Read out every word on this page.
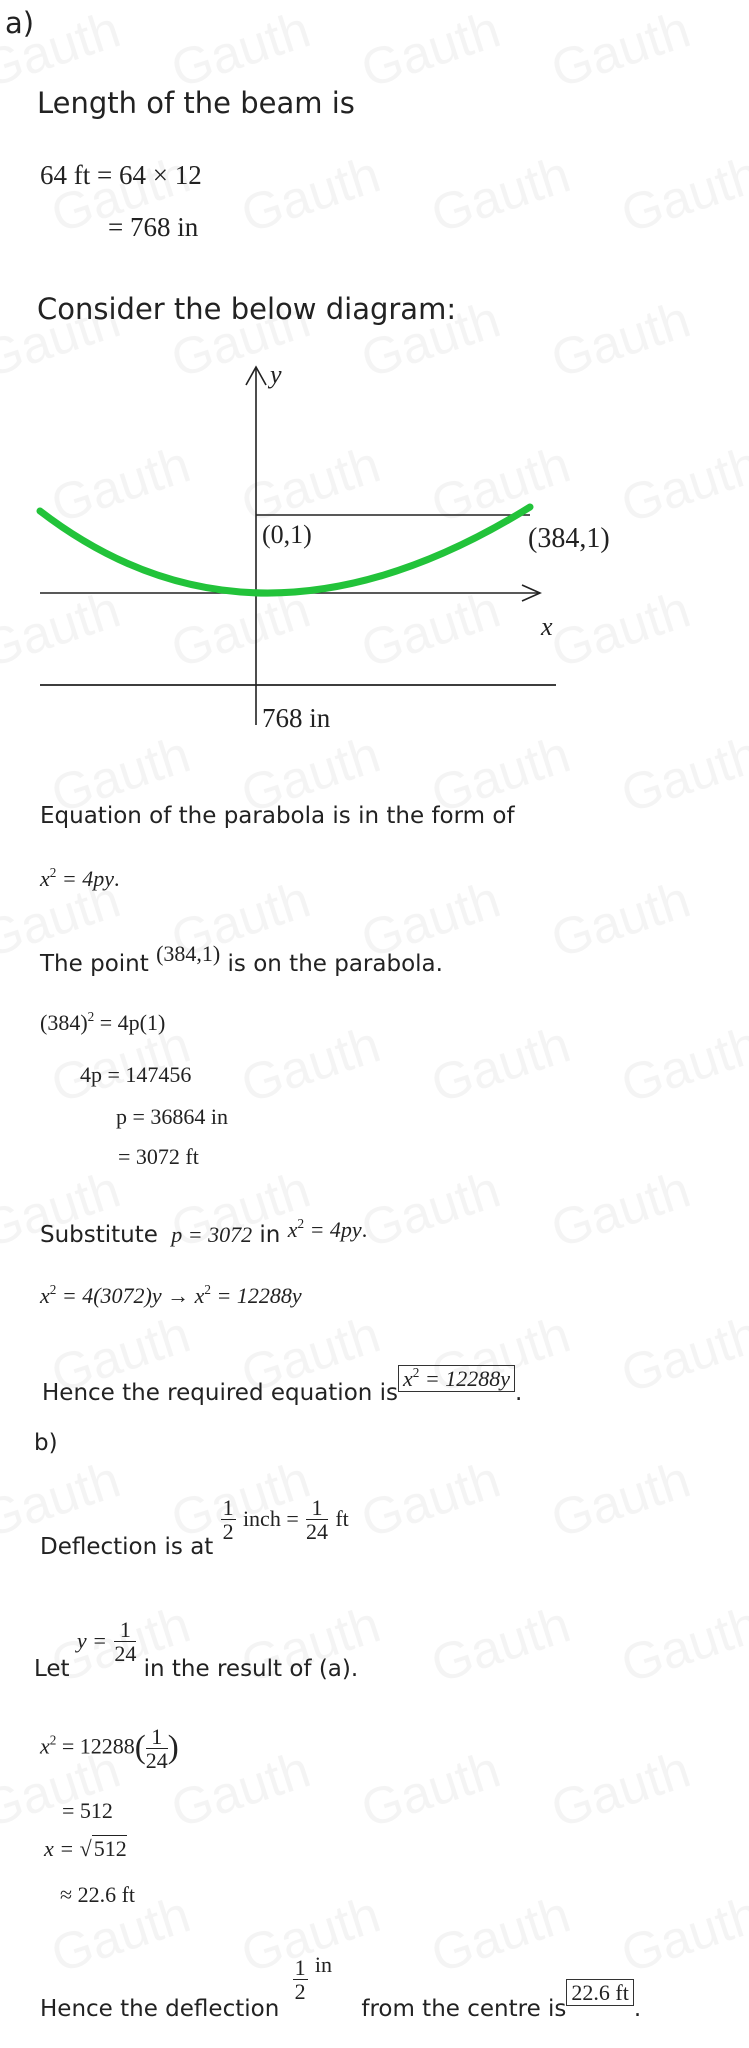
a)
Length of the beam is
64 ft = 64 × 12
= 768 in
Consider the below diagram:
y
x
(0,1)	(384,1)
768 in
Equation of the parabola is in the form of
$x^2 = 4py$.
The point (384,1) is on the parabola.
$(384)^2 = 4p(1)$
4p = 147456
p = 36864 in
= 3072 ft
Substitute p = 3072 in $x^2 = 4py$.
$x^2 = 4(3072)y \to x^2 = 12288y$
Hence the required equation isx$^2$ = 12288y.
b)
Deflection is at
$\frac{1}{2}$ inch = $\frac{1}{24}$ ft
Let $y = \frac{1}{24}$
in the result of (a).
$x^2 = 12288( \frac{1}{24}$ )
= 512
x = √512
≈ 22.6 ft
Hence the deflection
$\frac{1}{2}$ in from the centre is22.6 ft.
